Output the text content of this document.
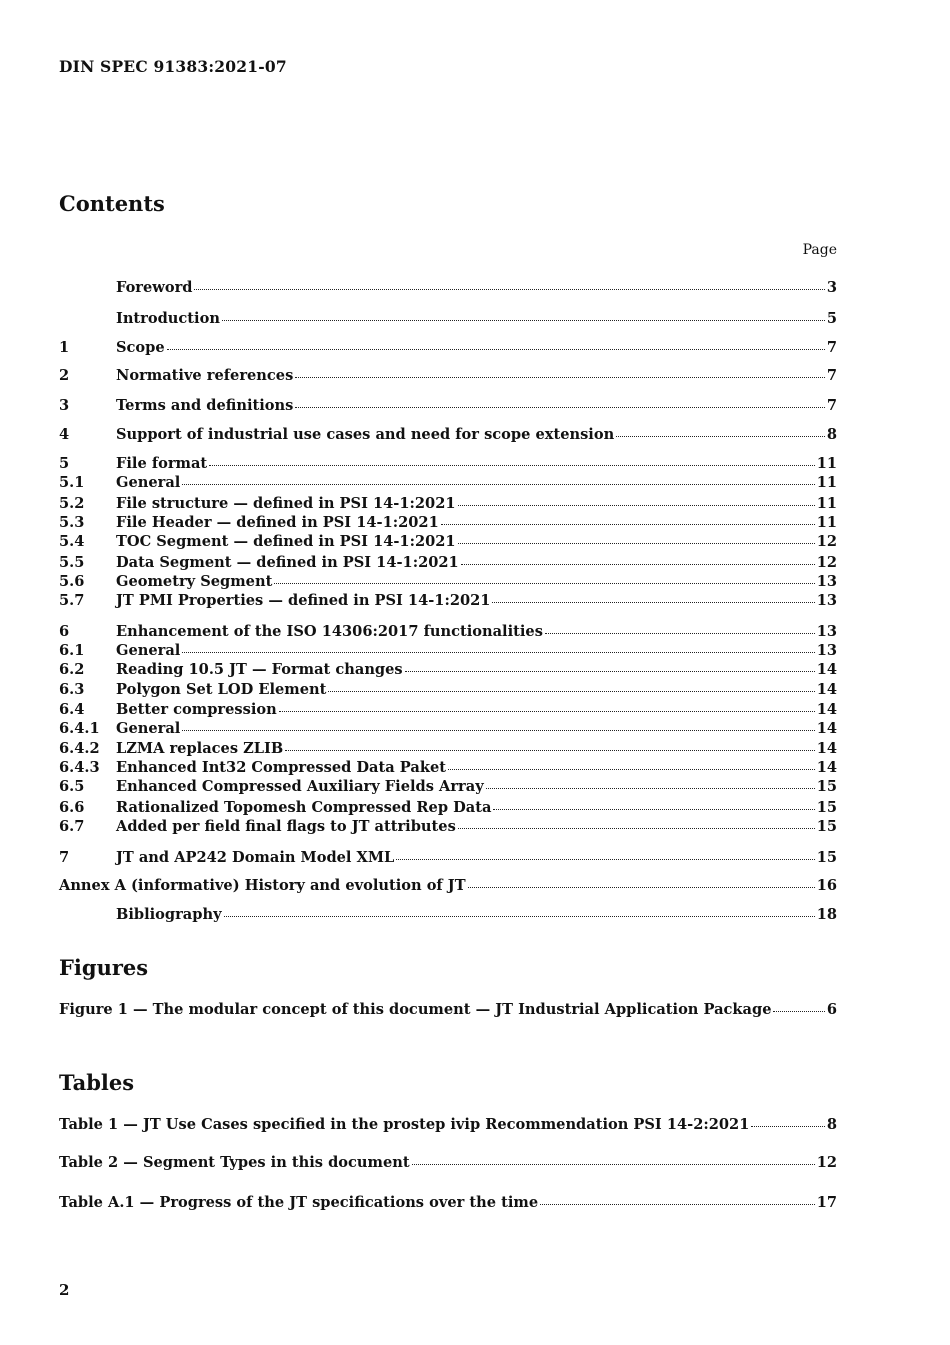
DIN SPEC 91383:2021-07
Contents
Page
Foreword	3
Introduction	5
1	Scope	7
2	Normative references	7
3	Terms and definitions	7
4	Support of industrial use cases and need for scope extension	8
5	File format	11
5.1	General	11
5.2	File structure — defined in PSI 14-1:2021	11
5.3	File Header — defined in PSI 14-1:2021	11
5.4	TOC Segment — defined in PSI 14-1:2021	12
5.5	Data Segment — defined in PSI 14-1:2021	12
5.6	Geometry Segment	13
5.7	JT PMI Properties — defined in PSI 14-1:2021	13
6	Enhancement of the ISO 14306:2017 functionalities	13
6.1	General	13
6.2	Reading 10.5 JT — Format changes	14
6.3	Polygon Set LOD Element	14
6.4	Better compression	14
6.4.1	General	14
6.4.2	LZMA replaces ZLIB	14
6.4.3	Enhanced Int32 Compressed Data Paket	14
6.5	Enhanced Compressed Auxiliary Fields Array	15
6.6	Rationalized Topomesh Compressed Rep Data	15
6.7	Added per field final flags to JT attributes	15
7	JT and AP242 Domain Model XML	15
Annex A (informative) History and evolution of JT	16
Bibliography	18
Figure 1 — The modular concept of this document — JT Industrial Application Package	6
Table 1 — JT Use Cases specified in the prostep ivip Recommendation PSI 14-2:2021	8
Table 2 — Segment Types in this document	12
Table A.1 — Progress of the JT specifications over the time	17
Figures
Tables
2
